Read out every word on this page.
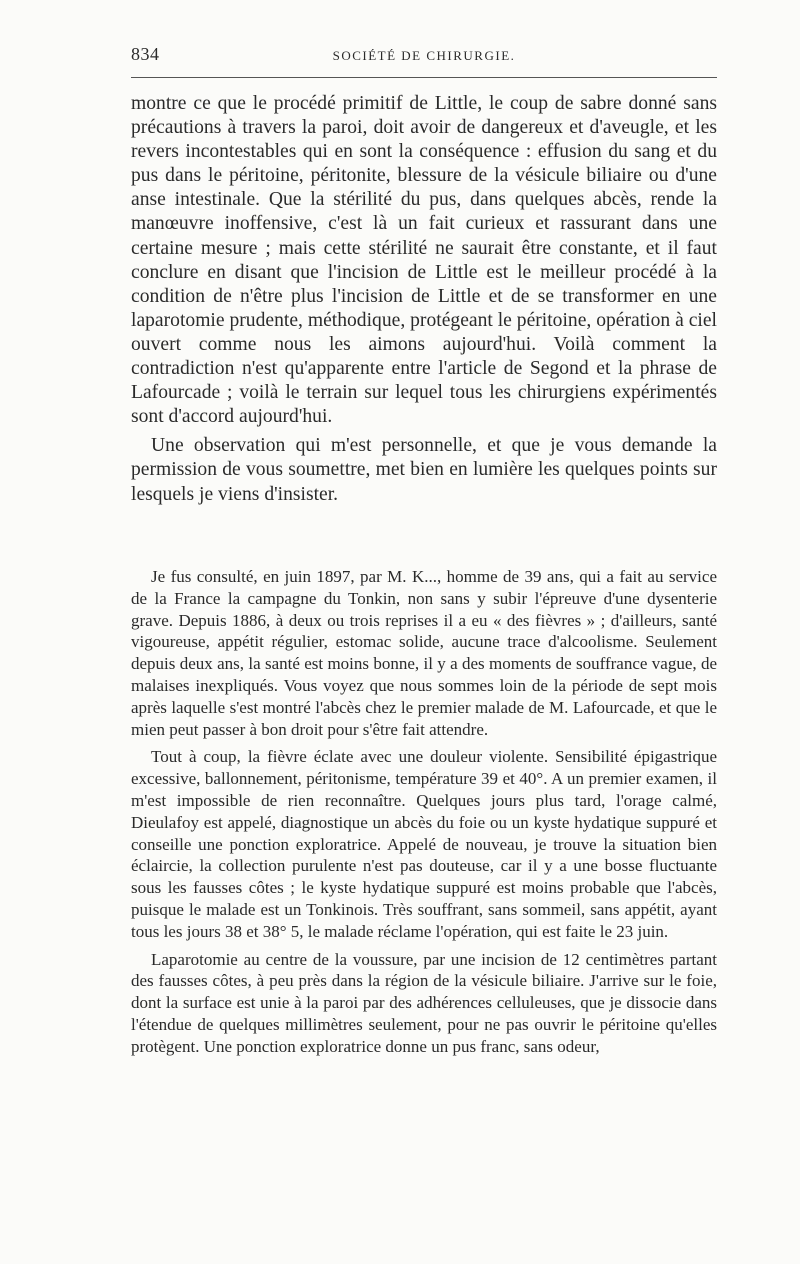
834	SOCIÉTÉ DE CHIRURGIE.

montre ce que le procédé primitif de Little, le coup de sabre donné sans précautions à travers la paroi, doit avoir de dangereux et d'aveugle, et les revers incontestables qui en sont la conséquence : effusion du sang et du pus dans le péritoine, péritonite, blessure de la vésicule biliaire ou d'une anse intestinale. Que la stérilité du pus, dans quelques abcès, rende la manœuvre inoffensive, c'est là un fait curieux et rassurant dans une certaine mesure ; mais cette stérilité ne saurait être constante, et il faut conclure en disant que l'incision de Little est le meilleur procédé à la condition de n'être plus l'incision de Little et de se transformer en une laparotomie prudente, méthodique, protégeant le péritoine, opération à ciel ouvert comme nous les aimons aujourd'hui. Voilà comment la contradiction n'est qu'apparente entre l'article de Segond et la phrase de Lafourcade ; voilà le terrain sur lequel tous les chirurgiens expérimentés sont d'accord aujourd'hui.

Une observation qui m'est personnelle, et que je vous demande la permission de vous soumettre, met bien en lumière les quelques points sur lesquels je viens d'insister.

Je fus consulté, en juin 1897, par M. K..., homme de 39 ans, qui a fait au service de la France la campagne du Tonkin, non sans y subir l'épreuve d'une dysenterie grave. Depuis 1886, à deux ou trois reprises il a eu « des fièvres » ; d'ailleurs, santé vigoureuse, appétit régulier, estomac solide, aucune trace d'alcoolisme. Seulement depuis deux ans, la santé est moins bonne, il y a des moments de souffrance vague, de malaises inexpliqués. Vous voyez que nous sommes loin de la période de sept mois après laquelle s'est montré l'abcès chez le premier malade de M. Lafourcade, et que le mien peut passer à bon droit pour s'être fait attendre.

Tout à coup, la fièvre éclate avec une douleur violente. Sensibilité épigastrique excessive, ballonnement, péritonisme, température 39 et 40°. A un premier examen, il m'est impossible de rien reconnaître. Quelques jours plus tard, l'orage calmé, Dieulafoy est appelé, diagnostique un abcès du foie ou un kyste hydatique suppuré et conseille une ponction exploratrice. Appelé de nouveau, je trouve la situation bien éclaircie, la collection purulente n'est pas douteuse, car il y a une bosse fluctuante sous les fausses côtes ; le kyste hydatique suppuré est moins probable que l'abcès, puisque le malade est un Tonkinois. Très souffrant, sans sommeil, sans appétit, ayant tous les jours 38 et 38° 5, le malade réclame l'opération, qui est faite le 23 juin.

Laparotomie au centre de la voussure, par une incision de 12 centimètres partant des fausses côtes, à peu près dans la région de la vésicule biliaire. J'arrive sur le foie, dont la surface est unie à la paroi par des adhérences celluleuses, que je dissocie dans l'étendue de quelques millimètres seulement, pour ne pas ouvrir le péritoine qu'elles protègent. Une ponction exploratrice donne un pus franc, sans odeur,
